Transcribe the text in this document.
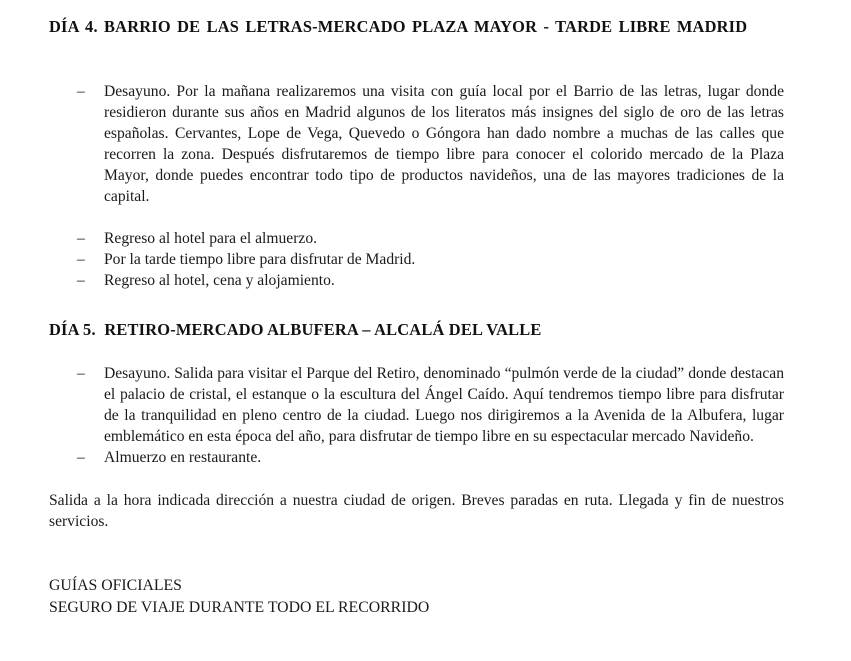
DÍA 4. BARRIO DE LAS LETRAS-MERCADO PLAZA MAYOR - TARDE LIBRE MADRID
– Desayuno. Por la mañana realizaremos una visita con guía local por el Barrio de las letras, lugar donde residieron durante sus años en Madrid algunos de los literatos más insignes del siglo de oro de las letras españolas. Cervantes, Lope de Vega, Quevedo o Góngora han dado nombre a muchas de las calles que recorren la zona. Después disfrutaremos de tiempo libre para conocer el colorido mercado de la Plaza Mayor, donde puedes encontrar todo tipo de productos navideños, una de las mayores tradiciones de la capital.
– Regreso al hotel para el almuerzo.
– Por la tarde tiempo libre para disfrutar de Madrid.
– Regreso al hotel, cena y alojamiento.
DÍA 5.  RETIRO-MERCADO ALBUFERA – ALCALÁ DEL VALLE
– Desayuno. Salida para visitar el Parque del Retiro, denominado “pulmón verde de la ciudad” donde destacan el palacio de cristal, el estanque o la escultura del Ángel Caído. Aquí tendremos tiempo libre para disfrutar de la tranquilidad en pleno centro de la ciudad. Luego nos dirigiremos a la Avenida de la Albufera, lugar emblemático en esta época del año, para disfrutar de tiempo libre en su espectacular mercado Navideño.
– Almuerzo en restaurante.
Salida a la hora indicada dirección a nuestra ciudad de origen. Breves paradas en ruta. Llegada y fin de nuestros servicios.
GUÍAS OFICIALES
SEGURO DE VIAJE DURANTE TODO EL RECORRIDO
